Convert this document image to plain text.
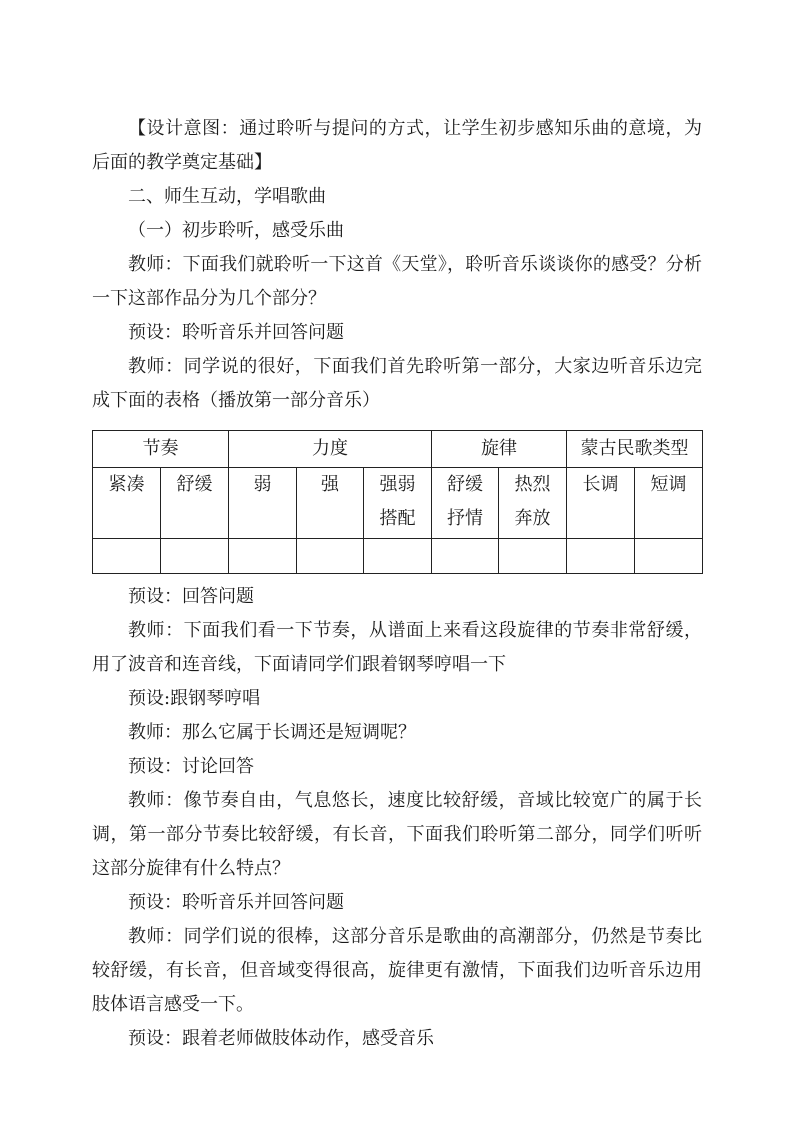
【设计意图：通过聆听与提问的方式，让学生初步感知乐曲的意境，为后面的教学奠定基础】

二、师生互动，学唱歌曲

（一）初步聆听，感受乐曲

教师：下面我们就聆听一下这首《天堂》，聆听音乐谈谈你的感受？分析一下这部作品分为几个部分？

预设：聆听音乐并回答问题

教师：同学说的很好，下面我们首先聆听第一部分，大家边听音乐边完成下面的表格（播放第一部分音乐）

节奏		力度			旋律		蒙古民歌类型	
紧凑	舒缓	弱	强	强弱搭配	舒缓抒情	热烈奔放	长调	短调

预设：回答问题

教师：下面我们看一下节奏，从谱面上来看这段旋律的节奏非常舒缓，用了波音和连音线，下面请同学们跟着钢琴哼唱一下

预设:跟钢琴哼唱

教师：那么它属于长调还是短调呢？

预设：讨论回答

教师：像节奏自由，气息悠长，速度比较舒缓，音域比较宽广的属于长调，第一部分节奏比较舒缓，有长音，下面我们聆听第二部分，同学们听听这部分旋律有什么特点？

预设：聆听音乐并回答问题

教师：同学们说的很棒，这部分音乐是歌曲的高潮部分，仍然是节奏比较舒缓，有长音，但音域变得很高，旋律更有激情，下面我们边听音乐边用肢体语言感受一下。

预设：跟着老师做肢体动作，感受音乐
